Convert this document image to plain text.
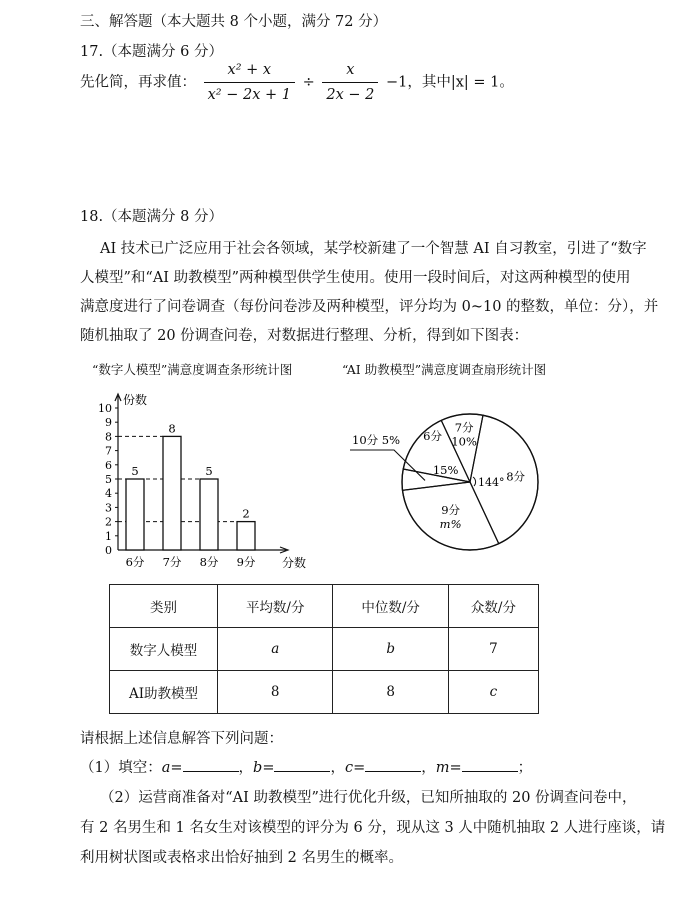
三、解答题（本大题共 8 个小题，满分 72 分）
17.（本题满分 6 分）
先化简，再求值： $\frac{\text{x² + x}}{\text{x² − 2x + 1}} \div \frac{x}{2x - 2} -1$，其中|x| = 1。
18.（本题满分 8 分）
AI 技术已广泛应用于社会各领域，某学校新建了一个智慧 AI 自习教室，引进了“数字
人模型”和“AI 助教模型”两种模型供学生使用。使用一段时间后，对这两种模型的使用
满意度进行了问卷调查（每份问卷涉及两种模型，评分均为 0~10 的整数，单位：分），并
随机抽取了 20 份调查问卷，对数据进行整理、分析，得到如下图表：
“数字人模型”满意度调查条形统计图	“AI 助教模型”满意度调查扇形统计图
5
8
5
2
0
1
2
3
4
5
6
7
8
9
10
6分 7分 8分 9分
份数
分数
7分
10%
8分
144°
9分
m%
15%
6分
10分 5%
类别	平均数/分	中位数/分	众数/分
数字人模型	a	b	7
AI助教模型	8	8	c
请根据上述信息解答下列问题：
（1）填空：a=	，b=	，c=	，m=	；
（2）运营商准备对“AI 助教模型”进行优化升级，已知所抽取的 20 份调查问卷中，
有 2 名男生和 1 名女生对该模型的评分为 6 分，现从这 3 人中随机抽取 2 人进行座谈，请
利用树状图或表格求出恰好抽到 2 名男生的概率。
